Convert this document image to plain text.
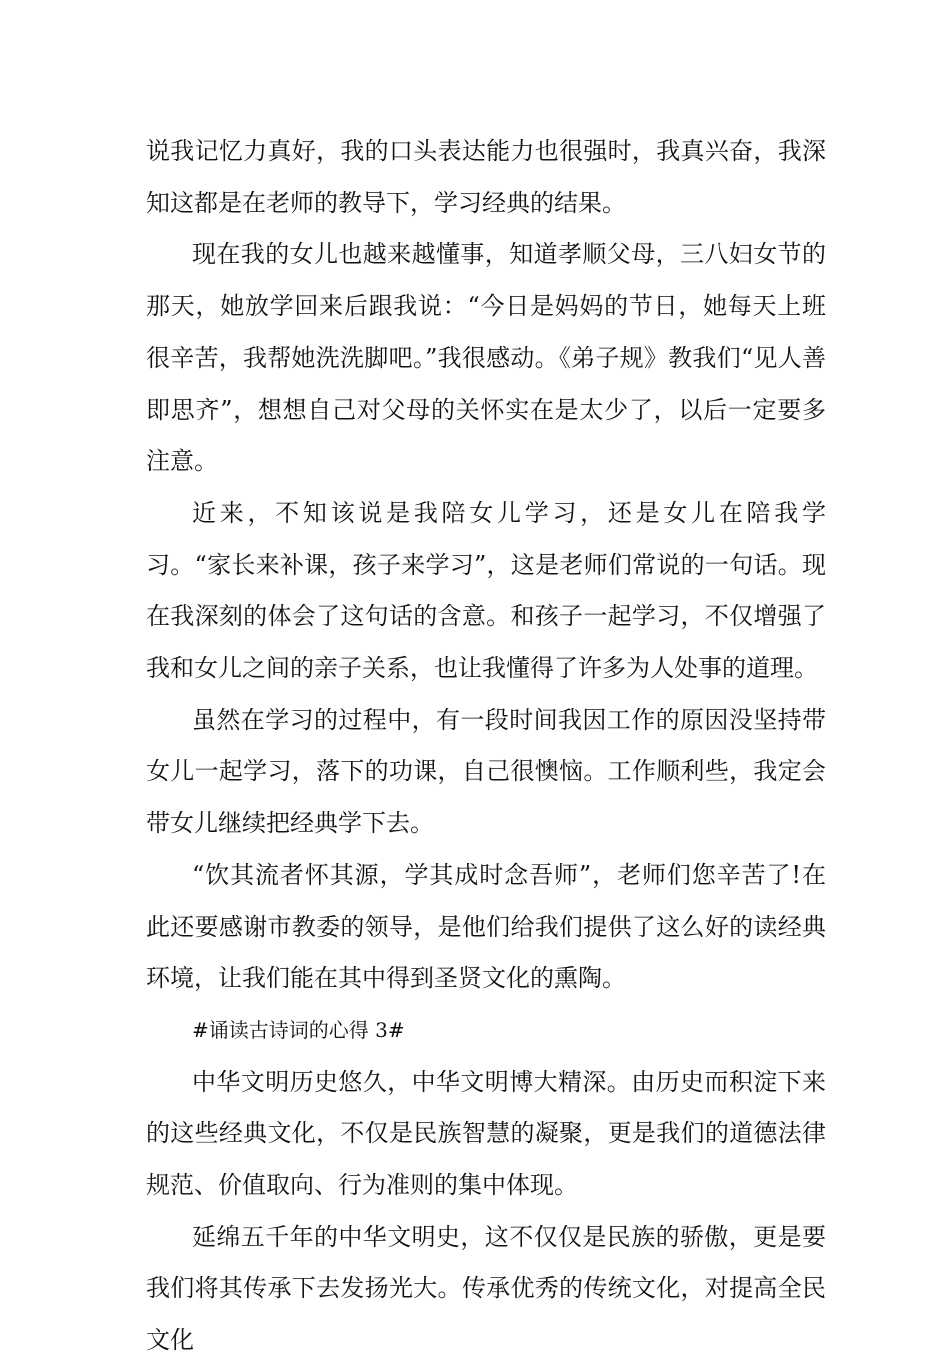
说我记忆力真好，我的口头表达能力也很强时，我真兴奋，我深知这都是在老师的教导下，学习经典的结果。

现在我的女儿也越来越懂事，知道孝顺父母，三八妇女节的那天，她放学回来后跟我说：“今日是妈妈的节日，她每天上班很辛苦，我帮她洗洗脚吧。”我很感动。《弟子规》教我们“见人善即思齐”，想想自己对父母的关怀实在是太少了，以后一定要多注意。

近来，不知该说是我陪女儿学习，还是女儿在陪我学习。“家长来补课，孩子来学习”，这是老师们常说的一句话。现在我深刻的体会了这句话的含意。和孩子一起学习，不仅增强了我和女儿之间的亲子关系，也让我懂得了许多为人处事的道理。

虽然在学习的过程中，有一段时间我因工作的原因没坚持带女儿一起学习，落下的功课，自己很懊恼。工作顺利些，我定会带女儿继续把经典学下去。

“饮其流者怀其源，学其成时念吾师”，老师们您辛苦了!在此还要感谢市教委的领导，是他们给我们提供了这么好的读经典环境，让我们能在其中得到圣贤文化的熏陶。

#诵读古诗词的心得 3#

中华文明历史悠久，中华文明博大精深。由历史而积淀下来的这些经典文化，不仅是民族智慧的凝聚，更是我们的道德法律规范、价值取向、行为准则的集中体现。

延绵五千年的中华文明史，这不仅仅是民族的骄傲，更是要我们将其传承下去发扬光大。传承优秀的传统文化，对提高全民文化
